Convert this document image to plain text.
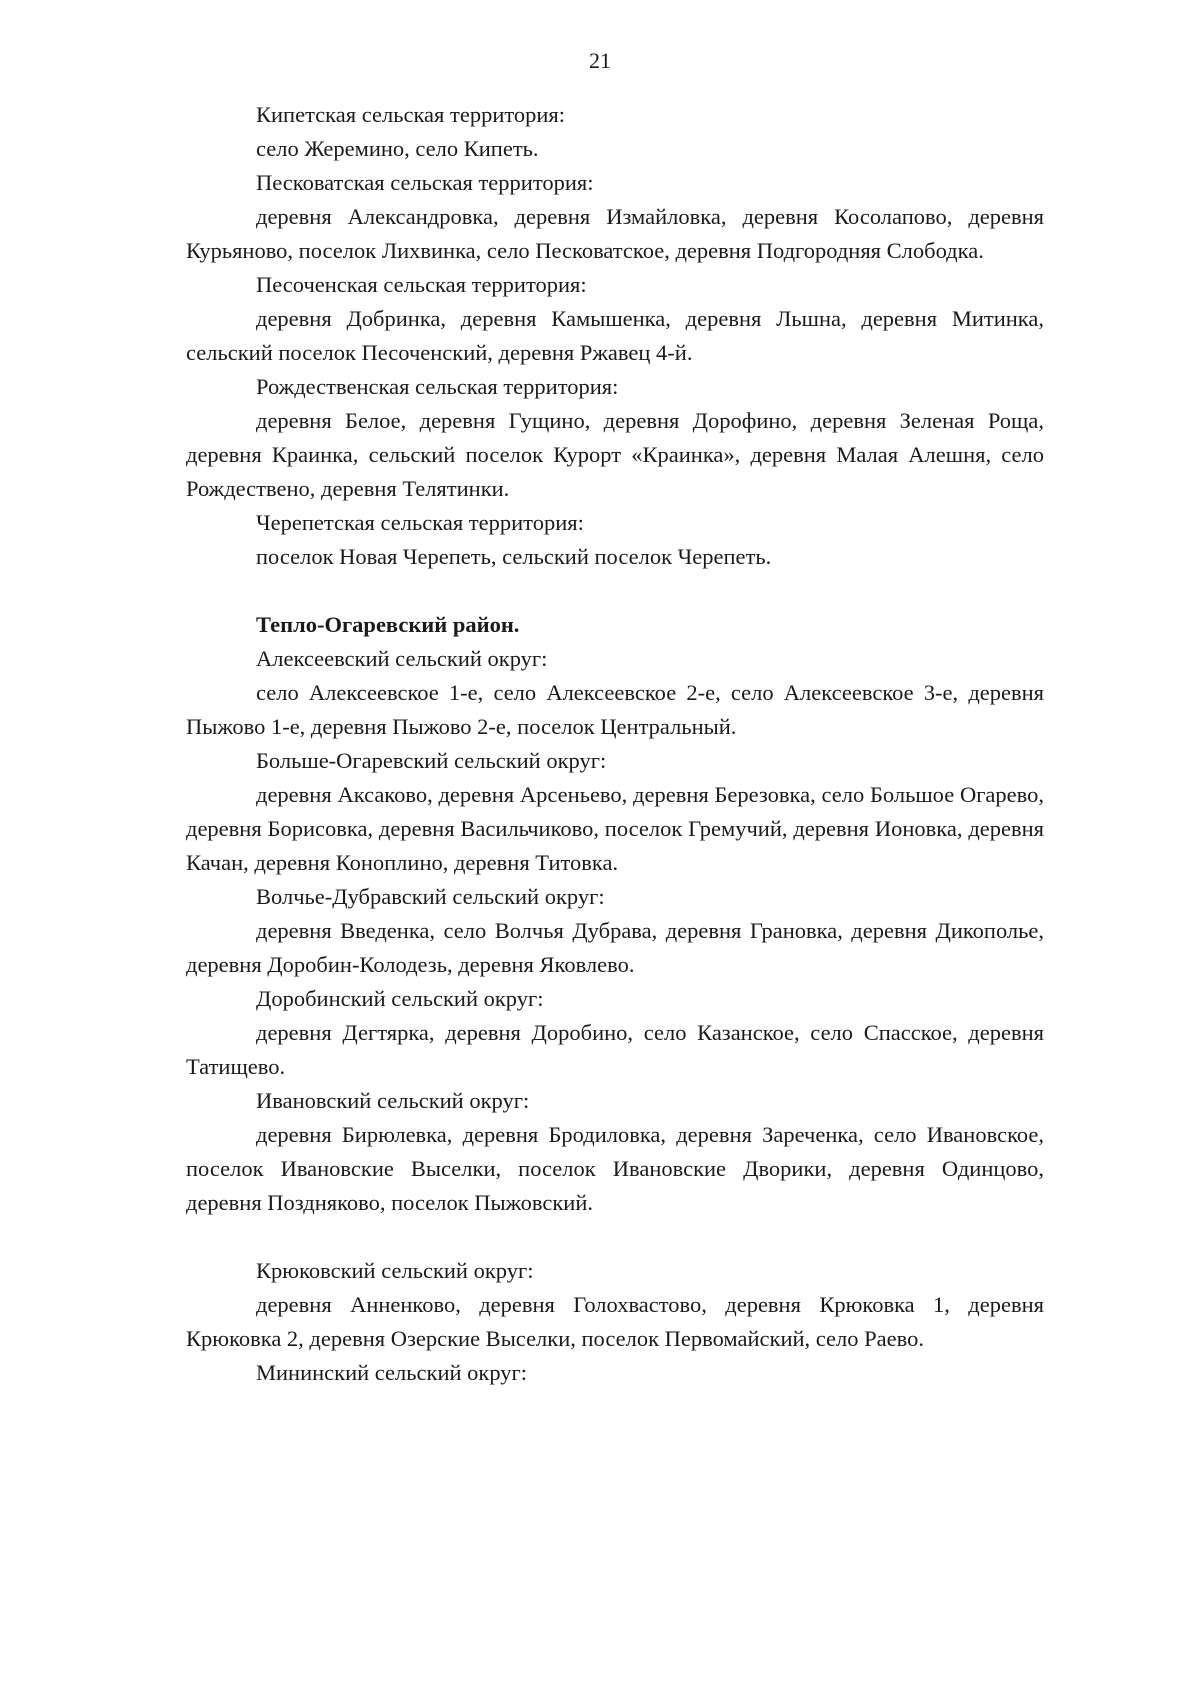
21

Кипетская сельская территория:

село Жеремино, село Кипеть.

Песковатская сельская территория:

деревня Александровка, деревня Измайловка, деревня Косолапово, деревня Курьяново, поселок Лихвинка, село Песковатское, деревня Подгородняя Слободка.

Песоченская сельская территория:

деревня Добринка, деревня Камышенка, деревня Льшна, деревня Митинка, сельский поселок Песоченский, деревня Ржавец 4-й.

Рождественская сельская территория:

деревня Белое, деревня Гущино, деревня Дорофино, деревня Зеленая Роща, деревня Краинка, сельский поселок Курорт «Краинка», деревня Малая Алешня, село Рождествено, деревня Телятинки.

Черепетская сельская территория:

поселок Новая Черепеть, сельский поселок Черепеть.

Тепло-Огаревский район.

Алексеевский сельский округ:

село Алексеевское 1-е, село Алексеевское 2-е, село Алексеевское 3-е, деревня Пыжово 1-е, деревня Пыжово 2-е, поселок Центральный.

Больше-Огаревский сельский округ:

деревня Аксаково, деревня Арсеньево, деревня Березовка, село Большое Огарево, деревня Борисовка, деревня Васильчиково, поселок Гремучий, деревня Ионовка, деревня Качан, деревня Коноплино, деревня Титовка.

Волчье-Дубравский сельский округ:

деревня Введенка, село Волчья Дубрава, деревня Грановка, деревня Дикополье, деревня Доробин-Колодезь, деревня Яковлево.

Доробинский сельский округ:

деревня Дегтярка, деревня Доробино, село Казанское, село Спасское, деревня Татищево.

Ивановский сельский округ:

деревня Бирюлевка, деревня Бродиловка, деревня Зареченка, село Ивановское, поселок Ивановские Выселки, поселок Ивановские Дворики, деревня Одинцово, деревня Поздняково, поселок Пыжовский.

Крюковский сельский округ:

деревня Анненково, деревня Голохвастово, деревня Крюковка 1, деревня Крюковка 2, деревня Озерские Выселки, поселок Первомайский, село Раево.

Мининский сельский округ:
